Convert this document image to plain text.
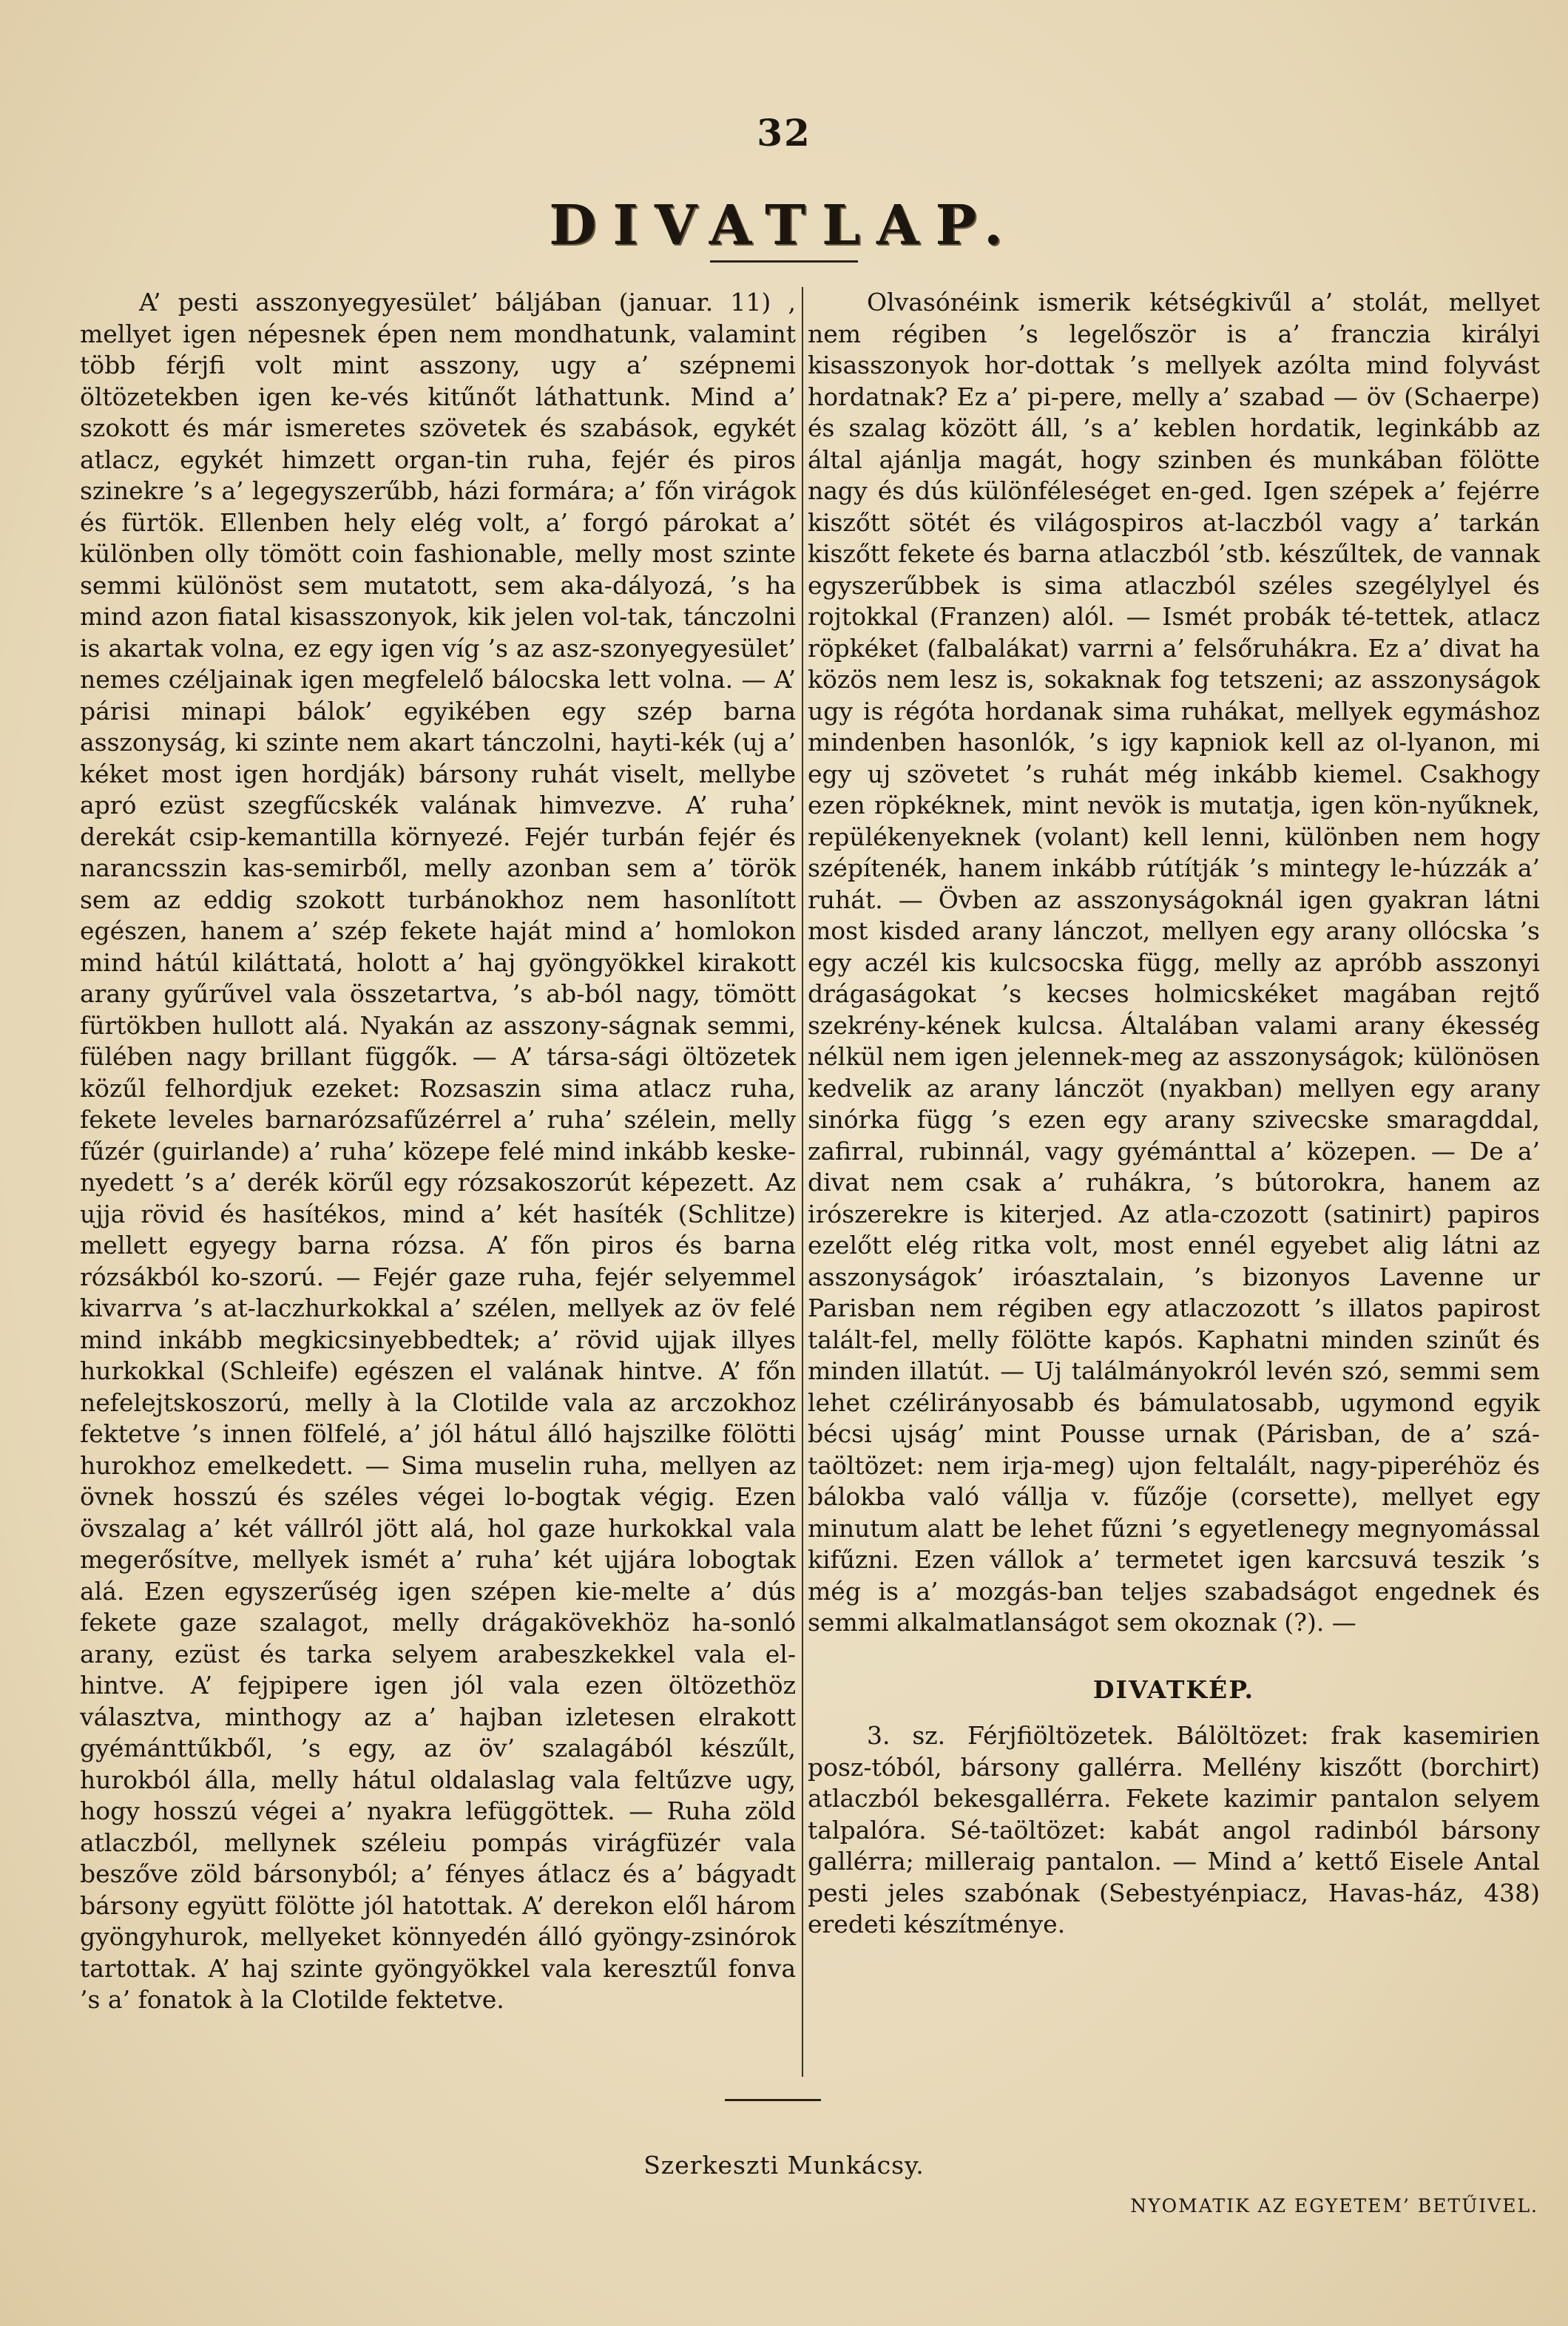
32
DIVATLAP.

A’ pesti asszonyegyesület’ báljában (januar. 11) , mellyet igen népesnek épen nem mondhatunk, valamint több férjfi volt mint asszony, ugy a’ szépnemi öltözetekben igen ke-vés kitűnőt láthattunk. Mind a’ szokott és már ismeretes szövetek és szabások, egykét atlacz, egykét himzett organ-tin ruha, fejér és piros szinekre ’s a’ legegyszerűbb, házi formára; a’ főn virágok és fürtök. Ellenben hely elég volt, a’ forgó párokat a’ különben olly tömött coin fashionable, melly most szinte semmi különöst sem mutatott, sem aka-dályozá, ’s ha mind azon fiatal kisasszonyok, kik jelen vol-tak, tánczolni is akartak volna, ez egy igen víg ’s az asz-szonyegyesület’ nemes czéljainak igen megfelelő bálocska lett volna. — A’ párisi minapi bálok’ egyikében egy szép barna asszonyság, ki szinte nem akart tánczolni, hayti-kék (uj a’ kéket most igen hordják) bársony ruhát viselt, mellybe apró ezüst szegfűcskék valának himvezve. A’ ruha’ derekát csip-kemantilla környezé. Fejér turbán fejér és narancsszin kas-semirből, melly azonban sem a’ török sem az eddig szokott turbánokhoz nem hasonlított egészen, hanem a’ szép fekete haját mind a’ homlokon mind hátúl kiláttatá, holott a’ haj gyöngyökkel kirakott arany gyűrűvel vala összetartva, ’s ab-ból nagy, tömött fürtökben hullott alá. Nyakán az asszony-ságnak semmi, fülében nagy brillant függők. — A’ társa-sági öltözetek közűl felhordjuk ezeket: Rozsaszin sima atlacz ruha, fekete leveles barnarózsafűzérrel a’ ruha’ szélein, melly fűzér (guirlande) a’ ruha’ közepe felé mind inkább keske-nyedett ’s a’ derék körűl egy rózsakoszorút képezett. Az ujja rövid és hasítékos, mind a’ két hasíték (Schlitze) mellett egyegy barna rózsa. A’ főn piros és barna rózsákból ko-szorú. — Fejér gaze ruha, fejér selyemmel kivarrva ’s at-laczhurkokkal a’ szélen, mellyek az öv felé mind inkább megkicsinyebbedtek; a’ rövid ujjak illyes hurkokkal (Schleife) egészen el valának hintve. A’ főn nefelejtskoszorú, melly à la Clotilde vala az arczokhoz fektetve ’s innen fölfelé, a’ jól hátul álló hajszilke fölötti hurokhoz emelkedett. — Sima muselin ruha, mellyen az övnek hosszú és széles végei lo-bogtak végig. Ezen övszalag a’ két vállról jött alá, hol gaze hurkokkal vala megerősítve, mellyek ismét a’ ruha’ két ujjára lobogtak alá. Ezen egyszerűség igen szépen kie-melte a’ dús fekete gaze szalagot, melly drágakövekhöz ha-sonló arany, ezüst és tarka selyem arabeszkekkel vala el-hintve. A’ fejpipere igen jól vala ezen öltözethöz választva, minthogy az a’ hajban izletesen elrakott gyémánttűkből, ’s egy, az öv’ szalagából készűlt, hurokból álla, melly hátul oldalaslag vala feltűzve ugy, hogy hosszú végei a’ nyakra lefüggöttek. — Ruha zöld atlaczból, mellynek széleiu pompás virágfüzér vala beszőve zöld bársonyból; a’ fényes átlacz és a’ bágyadt bársony együtt fölötte jól hatottak. A’ derekon elől három gyöngyhurok, mellyeket könnyedén álló gyöngy-zsinórok tartottak. A’ haj szinte gyöngyökkel vala keresztűl fonva ’s a’ fonatok à la Clotilde fektetve.

Olvasónéink ismerik kétségkivűl a’ stolát, mellyet nem régiben ’s legelőször is a’ franczia királyi kisasszonyok hor-dottak ’s mellyek azólta mind folyvást hordatnak? Ez a’ pi-pere, melly a’ szabad — öv (Schaerpe) és szalag között áll, ’s a’ keblen hordatik, leginkább az által ajánlja magát, hogy szinben és munkában fölötte nagy és dús különféleséget en-ged. Igen szépek a’ fejérre kiszőtt sötét és világospiros at-laczból vagy a’ tarkán kiszőtt fekete és barna atlaczból ’stb. készűltek, de vannak egyszerűbbek is sima atlaczból széles szegélylyel és rojtokkal (Franzen) alól. — Ismét probák té-tettek, atlacz röpkéket (falbalákat) varrni a’ felsőruhákra. Ez a’ divat ha közös nem lesz is, sokaknak fog tetszeni; az asszonyságok ugy is régóta hordanak sima ruhákat, mellyek egymáshoz mindenben hasonlók, ’s igy kapniok kell az ol-lyanon, mi egy uj szövetet ’s ruhát még inkább kiemel. Csakhogy ezen röpkéknek, mint nevök is mutatja, igen kön-nyűknek, repülékenyeknek (volant) kell lenni, különben nem hogy szépítenék, hanem inkább rútítják ’s mintegy le-húzzák a’ ruhát. — Övben az asszonyságoknál igen gyakran látni most kisded arany lánczot, mellyen egy arany ollócska ’s egy aczél kis kulcsocska függ, melly az apróbb asszonyi drágaságokat ’s kecses holmicskéket magában rejtő szekrény-kének kulcsa. Általában valami arany ékesség nélkül nem igen jelennek-meg az asszonyságok; különösen kedvelik az arany lánczöt (nyakban) mellyen egy arany sinórka függ ’s ezen egy arany szivecske smaragddal, zafirral, rubinnál, vagy gyémánttal a’ közepen. — De a’ divat nem csak a’ ruhákra, ’s bútorokra, hanem az irószerekre is kiterjed. Az atla-czozott (satinirt) papiros ezelőtt elég ritka volt, most ennél egyebet alig látni az asszonyságok’ iróasztalain, ’s bizonyos Lavenne ur Parisban nem régiben egy atlaczozott ’s illatos papirost talált-fel, melly fölötte kapós. Kaphatni minden szinűt és minden illatút. — Uj találmányokról levén szó, semmi sem lehet czélirányosabb és bámulatosabb, ugymond egyik bécsi ujság’ mint Pousse urnak (Párisban, de a’ szá-taöltözet: nem irja-meg) ujon feltalált, nagy-piperéhöz és bálokba való vállja v. fűzője (corsette), mellyet egy minutum alatt be lehet fűzni ’s egyetlenegy megnyomással kifűzni. Ezen vállok a’ termetet igen karcsuvá teszik ’s még is a’ mozgás-ban teljes szabadságot engednek és semmi alkalmatlanságot sem okoznak (?). —

DIVATKÉP.

3. sz. Férjfiöltözetek. Bálöltözet: frak kasemirien posz-tóból, bársony gallérra. Mellény kiszőtt (borchirt) atlaczból bekesgallérra. Fekete kazimir pantalon selyem talpalóra. Sé-taöltözet: kabát angol radinból bársony gallérra; milleraig pantalon. — Mind a’ kettő Eisele Antal pesti jeles szabónak (Sebestyénpiacz, Havas-ház, 438) eredeti készítménye.

Szerkeszti Munkácsy.
NYOMATIK AZ EGYETEM’ BETŰIVEL.
